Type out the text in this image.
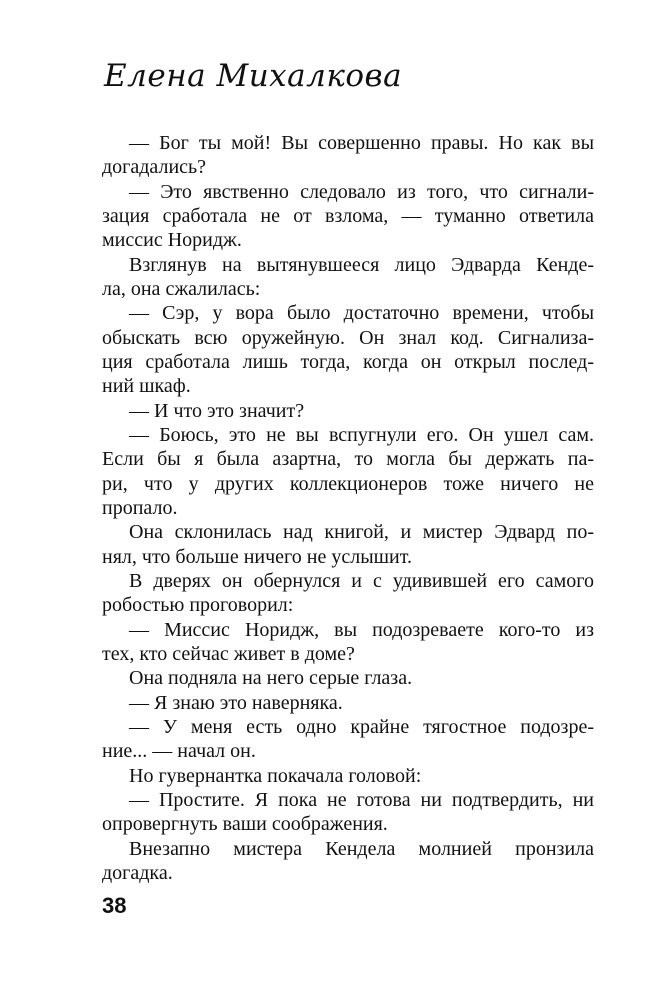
Елена Михалкова
— Бог ты мой! Вы совершенно правы. Но как вы
догадались?
— Это явственно следовало из того, что сигнали-
зация сработала не от взлома, — туманно ответила
миссис Норидж.
Взглянув на вытянувшееся лицо Эдварда Кенде-
ла, она сжалилась:
— Сэр, у вора было достаточно времени, чтобы
обыскать всю оружейную. Он знал код. Сигнализа-
ция сработала лишь тогда, когда он открыл послед-
ний шкаф.
— И что это значит?
— Боюсь, это не вы вспугнули его. Он ушел сам.
Если бы я была азартна, то могла бы держать па-
ри, что у других коллекционеров тоже ничего не
пропало.
Она склонилась над книгой, и мистер Эдвард по-
нял, что больше ничего не услышит.
В дверях он обернулся и с удивившей его самого
робостью проговорил:
— Миссис Норидж, вы подозреваете кого-то из
тех, кто сейчас живет в доме?
Она подняла на него серые глаза.
— Я знаю это наверняка.
— У меня есть одно крайне тягостное подозре-
ние... — начал он.
Но гувернантка покачала головой:
— Простите. Я пока не готова ни подтвердить, ни
опровергнуть ваши соображения.
Внезапно мистера Кендела молнией пронзила
догадка.
38
